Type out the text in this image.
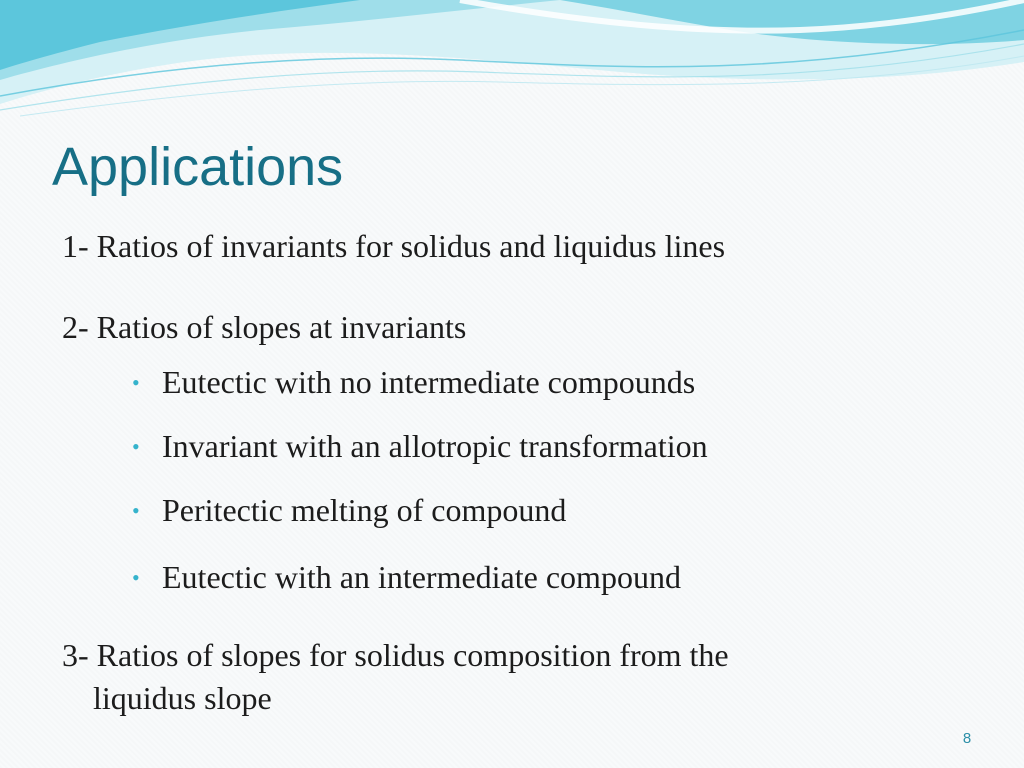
Applications
1- Ratios of invariants for solidus and liquidus lines
2- Ratios of slopes at invariants
• Eutectic with no intermediate compounds
• Invariant with an allotropic transformation
• Peritectic melting of compound
• Eutectic with an intermediate compound
3- Ratios of slopes for solidus composition from the
liquidus slope
8
